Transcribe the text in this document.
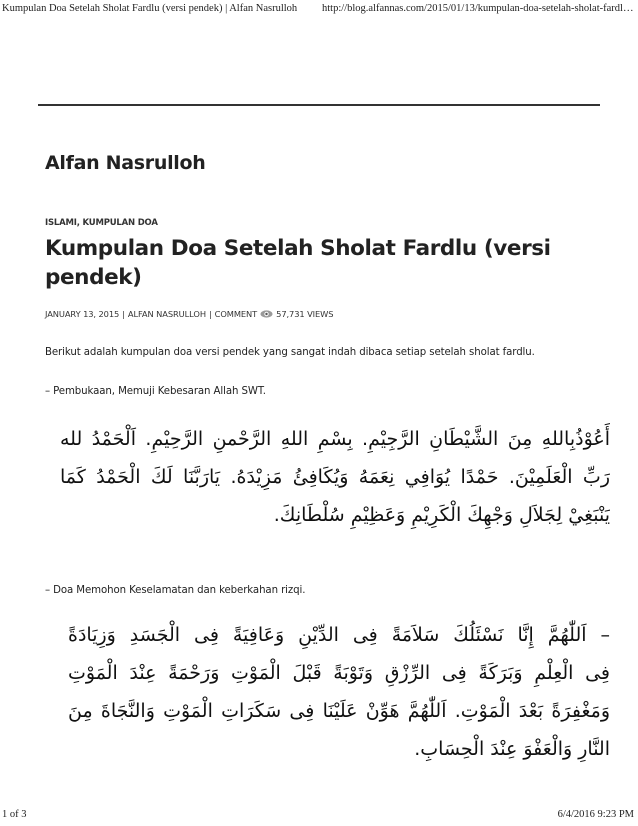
Kumpulan Doa Setelah Sholat Fardlu (versi pendek) | Alfan Nasrulloh http://blog.alfannas.com/2015/01/13/kumpulan-doa-setelah-sholat-fardlu...
Alfan Nasrulloh
ISLAMI, KUMPULAN DOA
Kumpulan Doa Setelah Sholat Fardlu (versi pendek)
JANUARY 13, 2015 | ALFAN NASRULLOH | COMMENT 57,731 VIEWS

Berikut adalah kumpulan doa versi pendek yang sangat indah dibaca setiap setelah sholat fardlu.

– Pembukaan, Memuji Kebesaran Allah SWT.

أَعُوْذُبِاللهِ مِنَ الشَّيْطَانِ الرَّجِيْمِ. بِسْمِ اللهِ الرَّحْمنِ الرَّحِيْمِ. اَلْحَمْدُ لله
رَبِّ الْعَلَمِيْنَ. حَمْدًا يُوَافِي نِعَمَهُ وَيُكَافِئُ مَزِيْدَهُ. يَارَبَّنَا لَكَ الْحَمْدُ كَمَا
يَنْبَغِيْ لِجَلاَلِ وَجْهِكَ الْكَرِيْمِ وَعَظِيْمِ سُلْطَانِكَ.

– Doa Memohon Keselamatan dan keberkahan rizqi.

– اَللّٰهُمَّ إِنَّا نَسْئَلُكَ سَلاَمَةً فِى الدِّيْنِ وَعَافِيَةً فِى الْجَسَدِ وَزِيَادَةً
فِى الْعِلْمِ وَبَرَكَةً فِى الرِّزْقِ وَتَوْبَةً قَبْلَ الْمَوْتِ وَرَحْمَةً عِنْدَ الْمَوْتِ
وَمَغْفِرَةً بَعْدَ الْمَوْتِ. اَللّٰهُمَّ هَوِّنْ عَلَيْنَا فِى سَكَرَاتِ الْمَوْتِ وَالنَّجَاةَ مِنَ
النَّارِ وَالْعَفْوَ عِنْدَ الْحِسَابِ.
1 of 3	6/4/2016 9:23 PM
